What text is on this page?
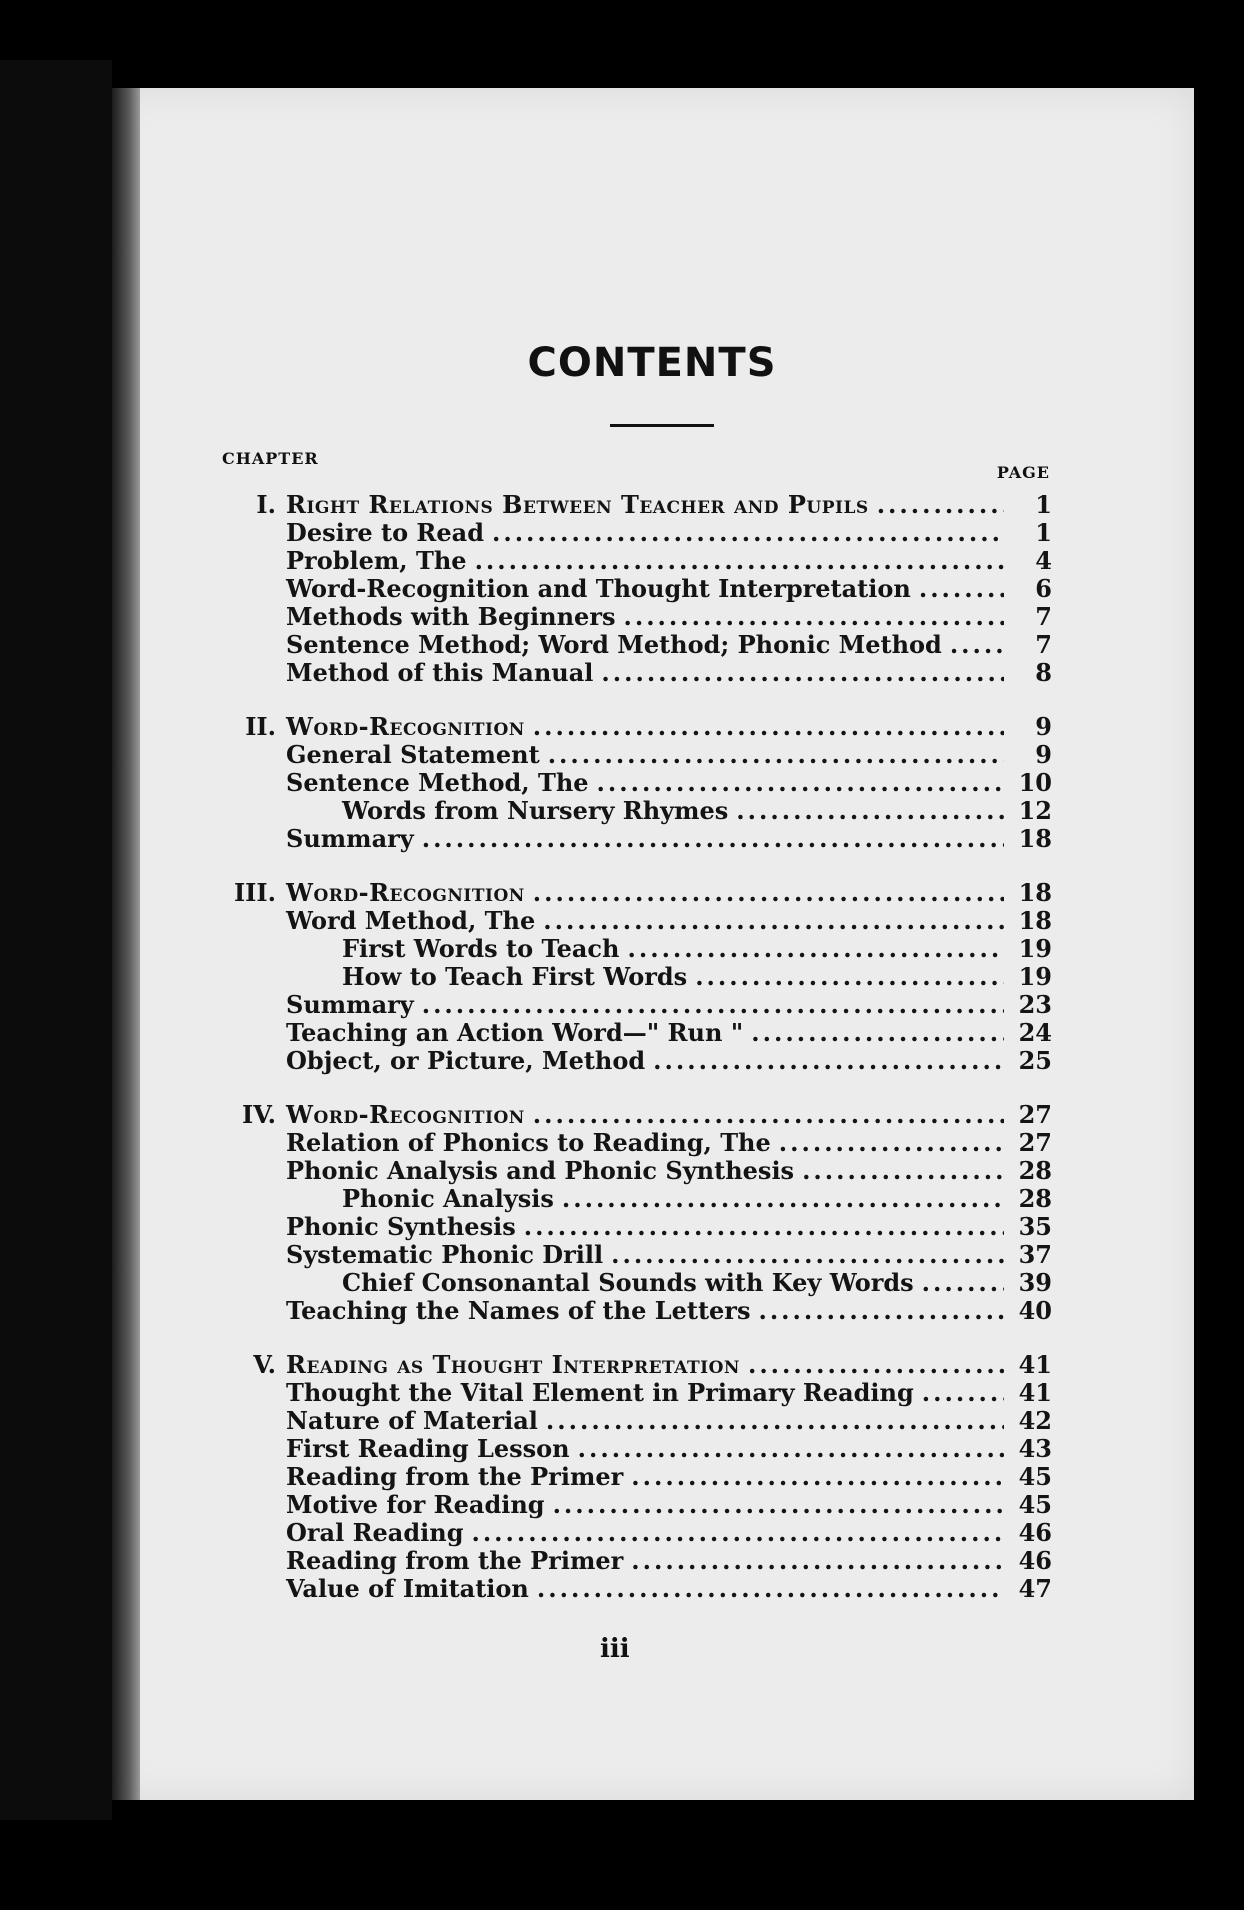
CONTENTS
CHAPTER
PAGE
I. Right Relations Between Teacher and Pupils .....	1
Desire to Read .....	1
Problem, The .....	4
Word-Recognition and Thought Interpretation .....	6
Methods with Beginners .....	7
Sentence Method; Word Method; Phonic Method .....	7
Method of this Manual .....	8
II. Word-Recognition .....	9
General Statement .....	9
Sentence Method, The .....	10
Words from Nursery Rhymes .....	12
Summary .....	18
III. Word-Recognition .....	18
Word Method, The .....	18
First Words to Teach .....	19
How to Teach First Words .....	19
Summary .....	23
Teaching an Action Word—" Run " .....	24
Object, or Picture, Method .....	25
IV. Word-Recognition .....	27
Relation of Phonics to Reading, The .....	27
Phonic Analysis and Phonic Synthesis .....	28
Phonic Analysis .....	28
Phonic Synthesis .....	35
Systematic Phonic Drill .....	37
Chief Consonantal Sounds with Key Words .....	39
Teaching the Names of the Letters .....	40
V. Reading as Thought Interpretation .....	41
Thought the Vital Element in Primary Reading .....	41
Nature of Material .....	42
First Reading Lesson .....	43
Reading from the Primer .....	45
Motive for Reading .....	45
Oral Reading .....	46
Reading from the Primer .....	46
Value of Imitation .....	47
iii
